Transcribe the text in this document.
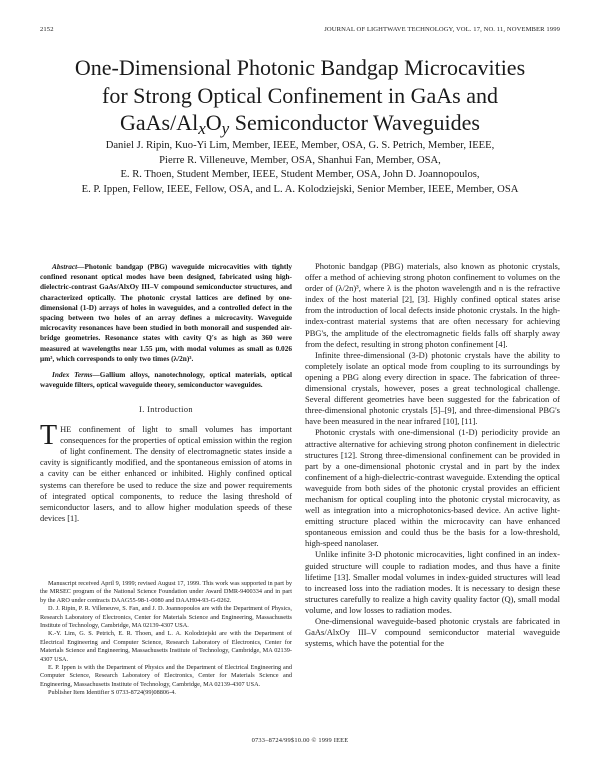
2152	JOURNAL OF LIGHTWAVE TECHNOLOGY, VOL. 17, NO. 11, NOVEMBER 1999
One-Dimensional Photonic Bandgap Microcavities
for Strong Optical Confinement in GaAs and
GaAs/AlxOy Semiconductor Waveguides
Daniel J. Ripin, Kuo-Yi Lim, Member, IEEE, Member, OSA, G. S. Petrich, Member, IEEE,
Pierre R. Villeneuve, Member, OSA, Shanhui Fan, Member, OSA,
E. R. Thoen, Student Member, IEEE, Student Member, OSA, John D. Joannopoulos,
E. P. Ippen, Fellow, IEEE, Fellow, OSA, and L. A. Kolodziejski, Senior Member, IEEE, Member, OSA

Abstract—Photonic bandgap (PBG) waveguide microcavities with tightly confined resonant optical modes have been designed, fabricated using high-dielectric-contrast GaAs/AlxOy III–V compound semiconductor structures, and characterized optically. The photonic crystal lattices are defined by one-dimensional (1-D) arrays of holes in waveguides, and a controlled defect in the spacing between two holes of an array defines a microcavity. Waveguide microcavity resonances have been studied in both monorail and suspended air-bridge geometries. Resonance states with cavity Q's as high as 360 were measured at wavelengths near 1.55 µm, with modal volumes as small as 0.026 µm³, which corresponds to only two times (λ/2n)³.

Index Terms—Gallium alloys, nanotechnology, optical materials, optical waveguide filters, optical waveguide theory, semiconductor waveguides.

I. Introduction

THE confinement of light to small volumes has important consequences for the properties of optical emission within the region of light confinement. The density of electromagnetic states inside a cavity is significantly modified, and the spontaneous emission of atoms in a cavity can be either enhanced or inhibited. Highly confined optical systems can therefore be used to reduce the size and power requirements of integrated optical components, to reduce the lasing threshold of semiconductor lasers, and to allow higher modulation speeds of these devices [1].

Manuscript received April 9, 1999; revised August 17, 1999. This work was supported in part by the MRSEC program of the National Science Foundation under Award DMR-9400334 and in part by the ARO under contracts DAAG55-98-1-0080 and DAAH04-93-G-0262.

D. J. Ripin, P. R. Villeneuve, S. Fan, and J. D. Joannopoulos are with the Department of Physics, Research Laboratory of Electronics, Center for Materials Science and Engineering, Massachusetts Institute of Technology, Cambridge, MA 02139-4307 USA.

K.-Y. Lim, G. S. Petrich, E. R. Thoen, and L. A. Kolodziejski are with the Department of Electrical Engineering and Computer Science, Research Laboratory of Electronics, Center for Materials Science and Engineering, Massachusetts Institute of Technology, Cambridge, MA 02139-4307 USA.

E. P. Ippen is with the Department of Physics and the Department of Electrical Engineering and Computer Science, Research Laboratory of Electronics, Center for Materials Science and Engineering, Massachusetts Institute of Technology, Cambridge, MA 02139-4307 USA.

Publisher Item Identifier S 0733-8724(99)08806-4.

Photonic bandgap (PBG) materials, also known as photonic crystals, offer a method of achieving strong photon confinement to volumes on the order of (λ/2n)³, where λ is the photon wavelength and n is the refractive index of the host material [2], [3]. Highly confined optical states arise from the introduction of local defects inside photonic crystals. In the high-index-contrast material systems that are often necessary for achieving PBG's, the amplitude of the electromagnetic fields falls off sharply away from the defect, resulting in strong photon confinement [4].

Infinite three-dimensional (3-D) photonic crystals have the ability to completely isolate an optical mode from coupling to its surroundings by opening a PBG along every direction in space. The fabrication of three-dimensional crystals, however, poses a great technological challenge. Several different geometries have been suggested for the fabrication of three-dimensional photonic crystals [5]–[9], and three-dimensional PBG's have been measured in the near infrared [10], [11].

Photonic crystals with one-dimensional (1-D) periodicity provide an attractive alternative for achieving strong photon confinement in dielectric structures [12]. Strong three-dimensional confinement can be provided in part by a one-dimensional photonic crystal and in part by the index confinement of a high-dielectric-contrast waveguide. Extending the optical waveguide from both sides of the photonic crystal provides an efficient mechanism for optical coupling into the photonic crystal microcavity, as well as integration into a microphotonics-based device. An active light-emitting structure placed within the microcavity can have enhanced spontaneous emission and could thus be the basis for a low-threshold, high-speed nanolaser.

Unlike infinite 3-D photonic microcavities, light confined in an index-guided structure will couple to radiation modes, and thus have a finite lifetime [13]. Smaller modal volumes in index-guided structures will lead to increased loss into the radiation modes. It is necessary to design these structures carefully to realize a high cavity quality factor (Q), small modal volume, and low losses to radiation modes.

One-dimensional waveguide-based photonic crystals are fabricated in GaAs/AlxOy III–V compound semiconductor material waveguide systems, which have the potential for the

0733–8724/99$10.00 © 1999 IEEE
